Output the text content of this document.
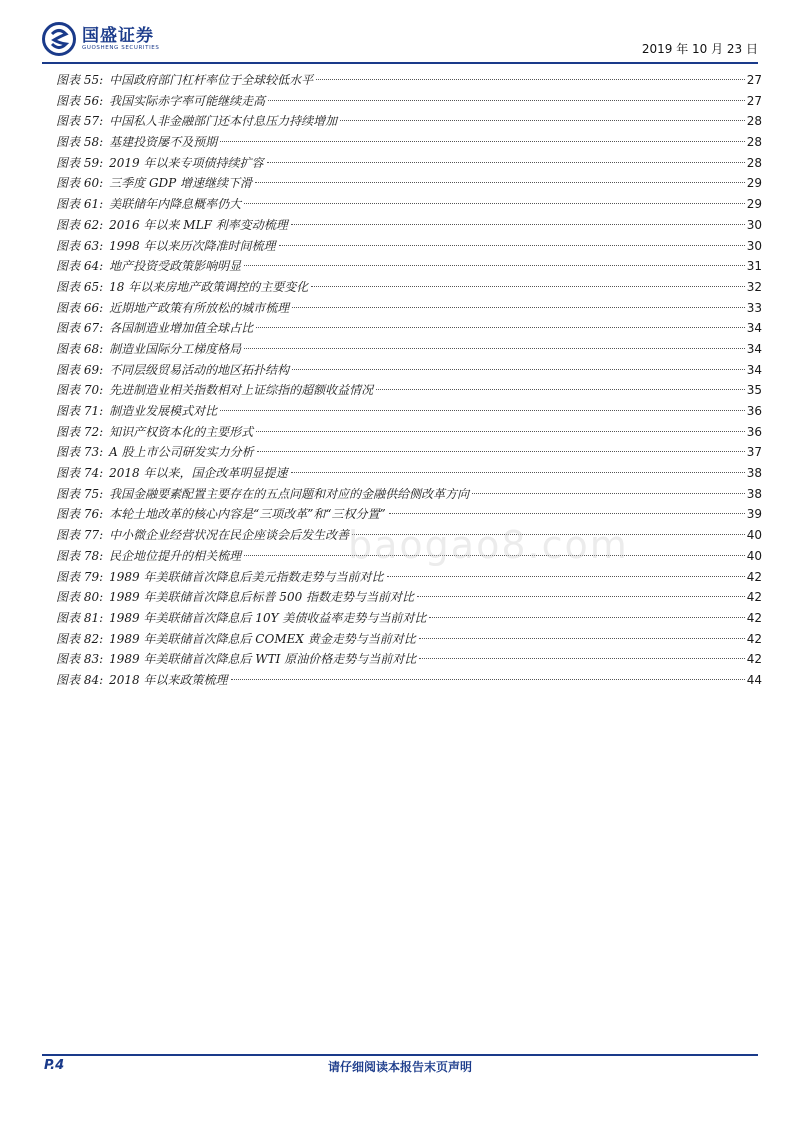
国盛证券
GUOSHENG SECURITIES	2019 年 10 月 23 日
图表 55: 中国政府部门杠杆率位于全球较低水平	27
图表 56: 我国实际赤字率可能继续走高	27
图表 57: 中国私人非金融部门还本付息压力持续增加	28
图表 58: 基建投资屡不及预期	28
图表 59: 2019 年以来专项债持续扩容	28
图表 60: 三季度 GDP 增速继续下滑	29
图表 61: 美联储年内降息概率仍大	29
图表 62: 2016 年以来 MLF 利率变动梳理	30
图表 63: 1998 年以来历次降准时间梳理	30
图表 64: 地产投资受政策影响明显	31
图表 65: 18 年以来房地产政策调控的主要变化	32
图表 66: 近期地产政策有所放松的城市梳理	33
图表 67: 各国制造业增加值全球占比	34
图表 68: 制造业国际分工梯度格局	34
图表 69: 不同层级贸易活动的地区拓扑结构	34
图表 70: 先进制造业相关指数相对上证综指的超额收益情况	35
图表 71: 制造业发展模式对比	36
图表 72: 知识产权资本化的主要形式	36
图表 73: A 股上市公司研发实力分析	37
图表 74: 2018 年以来，国企改革明显提速	38
图表 75: 我国金融要素配置主要存在的五点问题和对应的金融供给侧改革方向	38
图表 76: 本轮土地改革的核心内容是“三项改革”和“三权分置”	39
图表 77: 中小微企业经营状况在民企座谈会后发生改善	40
图表 78: 民企地位提升的相关梳理	40
图表 79: 1989 年美联储首次降息后美元指数走势与当前对比	42
图表 80: 1989 年美联储首次降息后标普 500 指数走势与当前对比	42
图表 81: 1989 年美联储首次降息后 10Y 美债收益率走势与当前对比	42
图表 82: 1989 年美联储首次降息后 COMEX 黄金走势与当前对比	42
图表 83: 1989 年美联储首次降息后 WTI 原油价格走势与当前对比	42
图表 84: 2018 年以来政策梳理	44
baogao8.com
P.4	请仔细阅读本报告末页声明
